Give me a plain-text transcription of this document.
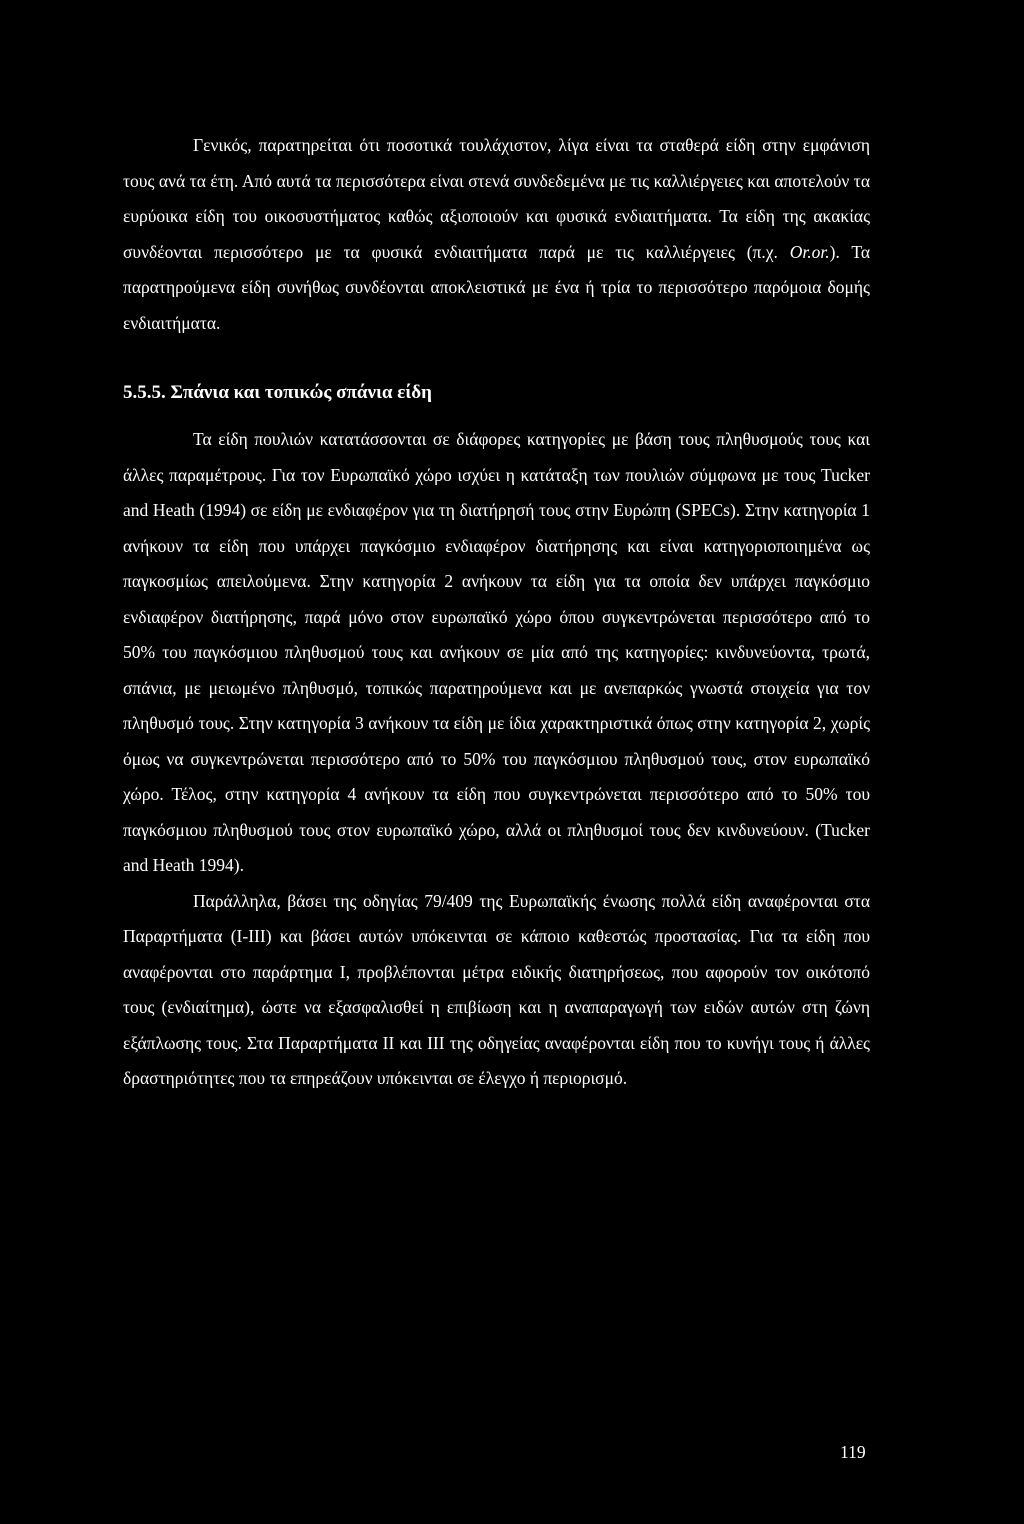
Γενικός, παρατηρείται ότι ποσοτικά τουλάχιστον, λίγα είναι τα σταθερά είδη στην εμφάνιση τους ανά τα έτη. Από αυτά τα περισσότερα είναι στενά συνδεδεμένα με τις καλλιέργειες και αποτελούν τα ευρύοικα είδη του οικοσυστήματος καθώς αξιοποιούν και φυσικά ενδιαιτήματα. Τα είδη της ακακίας συνδέονται περισσότερο με τα φυσικά ενδιαιτήματα παρά με τις καλλιέργειες (π.χ. Or.or.). Τα παρατηρούμενα είδη συνήθως συνδέονται αποκλειστικά με ένα ή τρία το περισσότερο παρόμοια δομής ενδιαιτήματα.

5.5.5. Σπάνια και τοπικώς σπάνια είδη

Τα είδη πουλιών κατατάσσονται σε διάφορες κατηγορίες με βάση τους πληθυσμούς τους και άλλες παραμέτρους. Για τον Ευρωπαϊκό χώρο ισχύει η κατάταξη των πουλιών σύμφωνα με τους Tucker and Heath (1994) σε είδη με ενδιαφέρον για τη διατήρησή τους στην Ευρώπη (SPECs). Στην κατηγορία 1 ανήκουν τα είδη που υπάρχει παγκόσμιο ενδιαφέρον διατήρησης και είναι κατηγοριοποιημένα ως παγκοσμίως απειλούμενα. Στην κατηγορία 2 ανήκουν τα είδη για τα οποία δεν υπάρχει παγκόσμιο ενδιαφέρον διατήρησης, παρά μόνο στον ευρωπαϊκό χώρο όπου συγκεντρώνεται περισσότερο από το 50% του παγκόσμιου πληθυσμού τους και ανήκουν σε μία από της κατηγορίες: κινδυνεύοντα, τρωτά, σπάνια, με μειωμένο πληθυσμό, τοπικώς παρατηρούμενα και με ανεπαρκώς γνωστά στοιχεία για τον πληθυσμό τους. Στην κατηγορία 3 ανήκουν τα είδη με ίδια χαρακτηριστικά όπως στην κατηγορία 2, χωρίς όμως να συγκεντρώνεται περισσότερο από το 50% του παγκόσμιου πληθυσμού τους, στον ευρωπαϊκό χώρο. Τέλος, στην κατηγορία 4 ανήκουν τα είδη που συγκεντρώνεται περισσότερο από το 50% του παγκόσμιου πληθυσμού τους στον ευρωπαϊκό χώρο, αλλά οι πληθυσμοί τους δεν κινδυνεύουν. (Tucker and Heath 1994).

Παράλληλα, βάσει της οδηγίας 79/409 της Ευρωπαϊκής ένωσης πολλά είδη αναφέρονται στα Παραρτήματα (I-III) και βάσει αυτών υπόκεινται σε κάποιο καθεστώς προστασίας. Για τα είδη που αναφέρονται στο παράρτημα I, προβλέπονται μέτρα ειδικής διατηρήσεως, που αφορούν τον οικότοπό τους (ενδιαίτημα), ώστε να εξασφαλισθεί η επιβίωση και η αναπαραγωγή των ειδών αυτών στη ζώνη εξάπλωσης τους. Στα Παραρτήματα II και III της οδηγείας αναφέρονται είδη που το κυνήγι τους ή άλλες δραστηριότητες που τα επηρεάζουν υπόκεινται σε έλεγχο ή περιορισμό.

119
